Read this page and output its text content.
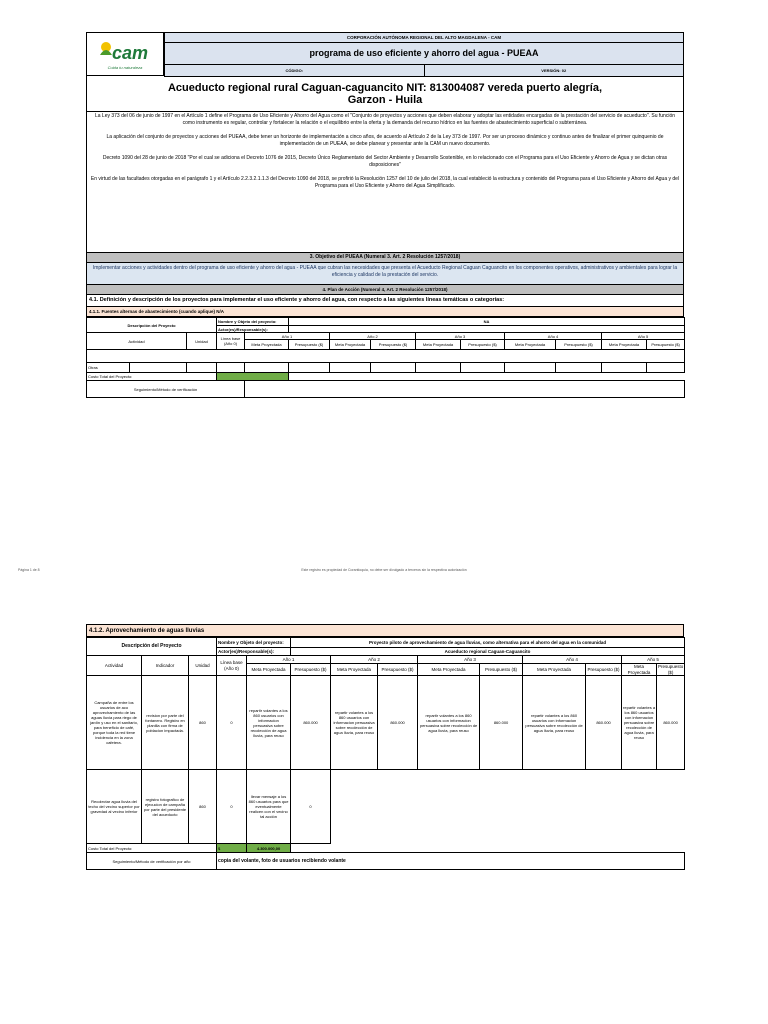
cam
Cuida tu naturaleza
CORPORACIÓN AUTÓNOMA REGIONAL DEL ALTO MAGDALENA - CAM
programa de uso eficiente y ahorro del agua - PUEAA
CÓDIGO:	VERSIÓN: 02
Acueducto regional rural Caguan-caguancito NIT: 813004087 vereda puerto alegría,
Garzon - Huila

La Ley 373 del 06 de junio de 1997 en el Artículo 1 define el Programa de Uso Eficiente y Ahorro del Agua como el "Conjunto de proyectos y acciones que deben elaborar y adoptar las entidades encargadas de la prestación del servicio de acueducto". Su función como instrumento es regular, controlar y fortalecer la relación o el equilibrio entre la oferta y la demanda del recurso hídrico en las fuentes de abastecimiento superficial o subterránea.

La aplicación del conjunto de proyectos y acciones del PUEAA, debe tener un horizonte de implementación a cinco años, de acuerdo al Artículo 2 de la Ley 373 de 1997. Por ser un proceso dinámico y continuo antes de finalizar el primer quinquenio de implementación de un PUEAA, se debe planear y presentar ante la CAM un nuevo documento.

Decreto 1090 del 28 de junio de 2018 "Por el cual se adiciona el Decreto 1076 de 2015, Decreto Único Reglamentario del Sector Ambiente y Desarrollo Sostenible, en lo relacionado con el Programa para el Uso Eficiente y Ahorro de Agua y se dictan otras disposiciones"

En virtud de las facultades otorgadas en el parágrafo 1 y el Artículo 2.2.3.2.1.1.3 del Decreto 1090 del 2018, se profirió la Resolución 1257 del 10 de julio del 2018, la cual estableció la estructura y contenido del Programa para el Uso Eficiente y Ahorro del Agua y del Programa para el Uso Eficiente y Ahorro del Agua Simplificado.

3. Objetivo del PUEAA (Numeral 3. Art. 2 Resolución 1257/2018)
Implementar acciones y actividades dentro del programa de uso eficiente y ahorro del agua - PUEAA que cubran las necesidades que presenta el Acueducto Regional Caguan Caguancito en los componentes operativos, administrativos y ambientales para lograr la eficiencia y calidad de la prestación del servicio.
4. Plan de Acción (Numeral 4, Art. 2 Resolución 1257/2018)
4.1. Definición y descripción de los proyectos para implementar el uso eficiente y ahorro del agua, con respecto a las siguientes líneas temáticas o categorías:
4.1.1. Fuentes alternas de abastecimiento (cuando aplique) N/A
Descripción del Proyecto			Nombre y Objeto del proyecto:		NA								
			Actor(es)/Responsable(s):										
Actividad		Unidad	Línea base (Año 0)	Año 1		Año 2		Año 3		Año 4		Año 5	
				Meta Proyectada	Presupuesto ($)	Meta Proyectada	Presupuesto ($)	Meta Proyectada	Presupuesto ($)	Meta Proyectada	Presupuesto ($)	Meta Proyectada	Presupuesto ($)

Otras													
Costo Total del Proyecto:													
Seguimiento/Método de verificación													
Página 1 de 8	Este registro es propiedad de Corantioquia, no debe ser divulgado a terceros sin la respectiva autorización
4.1.2. Aprovechamiento de aguas lluvias
Descripción del Proyecto			Nombre y Objeto del proyecto:		Proyecto piloto de aprovechamiento de agua lluvias, como alternativa para el ahorro del agua en la comunidad								
			Actor(es)/Responsable(s):		Acueducto regional Caguan-Caguancito								
Actividad	Indicador	Unidad	Línea base (Año 0)	Año 1		Año 2		Año 3		Año 4		Año 5	
				Meta Proyectada	Presupuesto ($)	Meta Proyectada	Presupuesto ($)	Meta Proyectada	Presupuesto ($)	Meta Proyectada	Presupuesto ($)	Meta Proyectada	Presupuesto ($)
Campaña de entre los usuarios de aco aprovechamiento de las aguas lluvia para riego de jardín y uso en el sanitario, para beneficio de café, porque toda la red tiene incidencia en la zona cafetera.	revision por parte del fontanero. Registro en planilla con firma de poblacion impactada.	860	0	repartir volantes a los 860 usuarios con informacion persuasiva sobre recolección de agua lluvia, para reuso	860.000	repartir volantes a los 860 usuarios con informacion persuasiva sobre recolección de agua lluvia, para reuso	860.000	repartir volantes a los 860 usuarios con informacion persuasiva sobre recolección de agua lluvia, para reuso	860.000	repartir volantes a los 860 usuarios con informacion persuasiva sobre recolección de agua lluvia, para reuso	860.000	repartir volantes a los 860 usuarios con informacion persuasiva sobre recolección de agua lluvia, para reuso	860.000
Recolectar agua lluvia del techo del vecino superior por gravedad al vecino inferior	registro fotografico de ejecucion de campaña por parte del presidente del acueducto	860	0	llevar mensaje a los 860 usuarios para que eventualmente realicen con el vecino tal acción	0								
Costo Total del Proyecto:			$	4.300.000,00									
Seguimiento/Método de verificación por año			copia del volante, foto de usuarios recibiendo volante										
